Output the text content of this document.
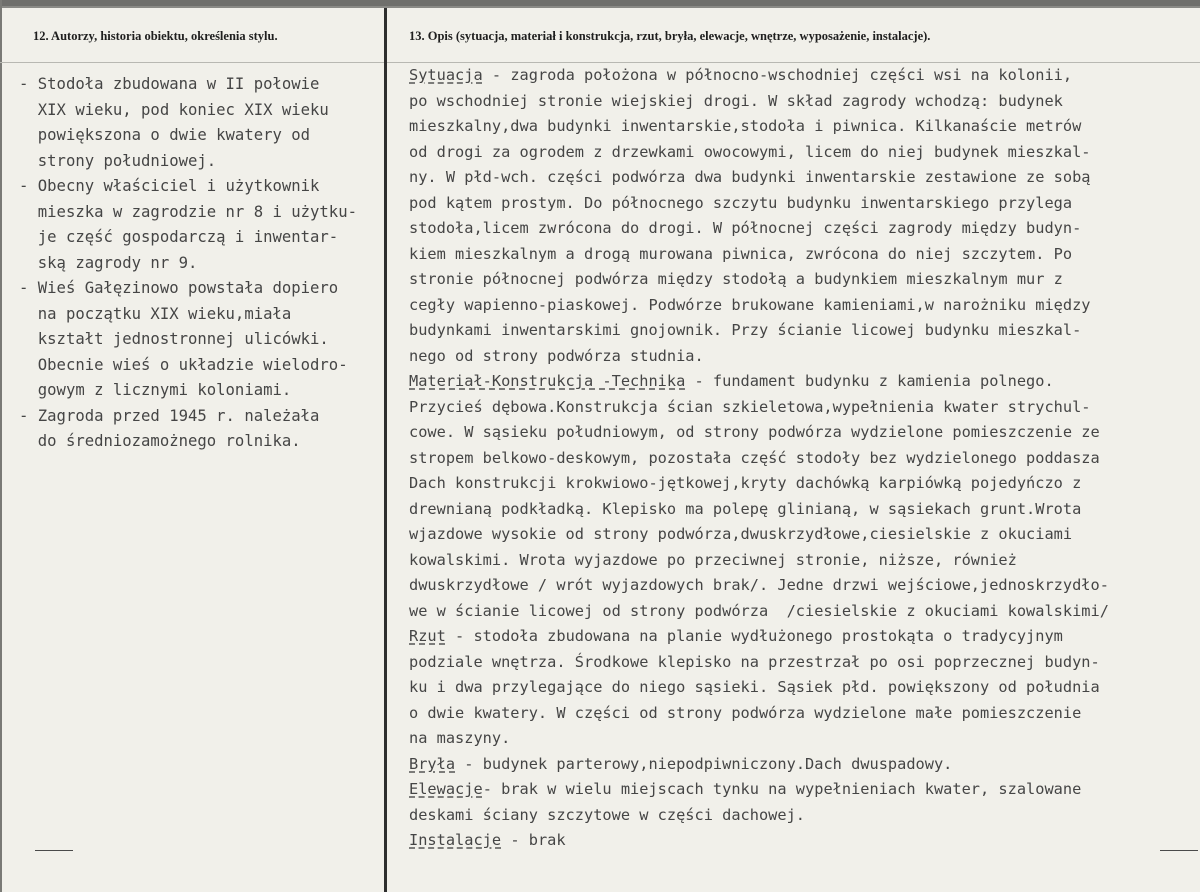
12. Autorzy, historia obiektu, określenia stylu.	13. Opis (sytuacja, materiał i konstrukcja, rzut, bryła, elewacje, wnętrze, wyposażenie, instalacje).
- Stodoła zbudowana w II połowie
XIX wieku, pod koniec XIX wieku
powiększona o dwie kwatery od
strony południowej.
- Obecny właściciel i użytkownik
mieszka w zagrodzie nr 8 i użytku-
je część gospodarczą i inwentar-
ską zagrody nr 9.
- Wieś Gałęzinowo powstała dopiero
na początku XIX wieku,miała
kształt jednostronnej ulicówki.
Obecnie wieś o układzie wielodro-
gowym z licznymi koloniami.
- Zagroda przed 1945 r. należała
do średniozamożnego rolnika.
Sytuacja - zagroda położona w północno-wschodniej części wsi na kolonii,
po wschodniej stronie wiejskiej drogi. W skład zagrody wchodzą: budynek
mieszkalny,dwa budynki inwentarskie,stodoła i piwnica. Kilkanaście metrów
od drogi za ogrodem z drzewkami owocowymi, licem do niej budynek mieszkal-
ny. W płd-wch. części podwórza dwa budynki inwentarskie zestawione ze sobą
pod kątem prostym. Do północnego szczytu budynku inwentarskiego przylega
stodoła,licem zwrócona do drogi. W północnej części zagrody między budyn-
kiem mieszkalnym a drogą murowana piwnica, zwrócona do niej szczytem. Po
stronie północnej podwórza między stodołą a budynkiem mieszkalnym mur z
cegły wapienno-piaskowej. Podwórze brukowane kamieniami,w narożniku między
budynkami inwentarskimi gnojownik. Przy ścianie licowej budynku mieszkal-
nego od strony podwórza studnia.
Materiał-Konstrukcja -Technika - fundament budynku z kamienia polnego.
Przycieś dębowa.Konstrukcja ścian szkieletowa,wypełnienia kwater strychul-
cowe. W sąsieku południowym, od strony podwórza wydzielone pomieszczenie ze
stropem belkowo-deskowym, pozostała część stodoły bez wydzielonego poddasza
Dach konstrukcji krokwiowo-jętkowej,kryty dachówką karpiówką pojedyńczo z
drewnianą podkładką. Klepisko ma polepę glinianą, w sąsiekach grunt.Wrota
wjazdowe wysokie od strony podwórza,dwuskrzydłowe,ciesielskie z okuciami
kowalskimi. Wrota wyjazdowe po przeciwnej stronie, niższe, również
dwuskrzydłowe / wrót wyjazdowych brak/. Jedne drzwi wejściowe,jednoskrzydło-
we w ścianie licowej od strony podwórza  /ciesielskie z okuciami kowalskimi/
Rzut - stodoła zbudowana na planie wydłużonego prostokąta o tradycyjnym
podziale wnętrza. Środkowe klepisko na przestrzał po osi poprzecznej budyn-
ku i dwa przylegające do niego sąsieki. Sąsiek płd. powiększony od południa
o dwie kwatery. W części od strony podwórza wydzielone małe pomieszczenie
na maszyny.
Bryła - budynek parterowy,niepodpiwniczony.Dach dwuspadowy.
Elewacje- brak w wielu miejscach tynku na wypełnieniach kwater, szalowane
deskami ściany szczytowe w części dachowej.
Instalacje - brak
